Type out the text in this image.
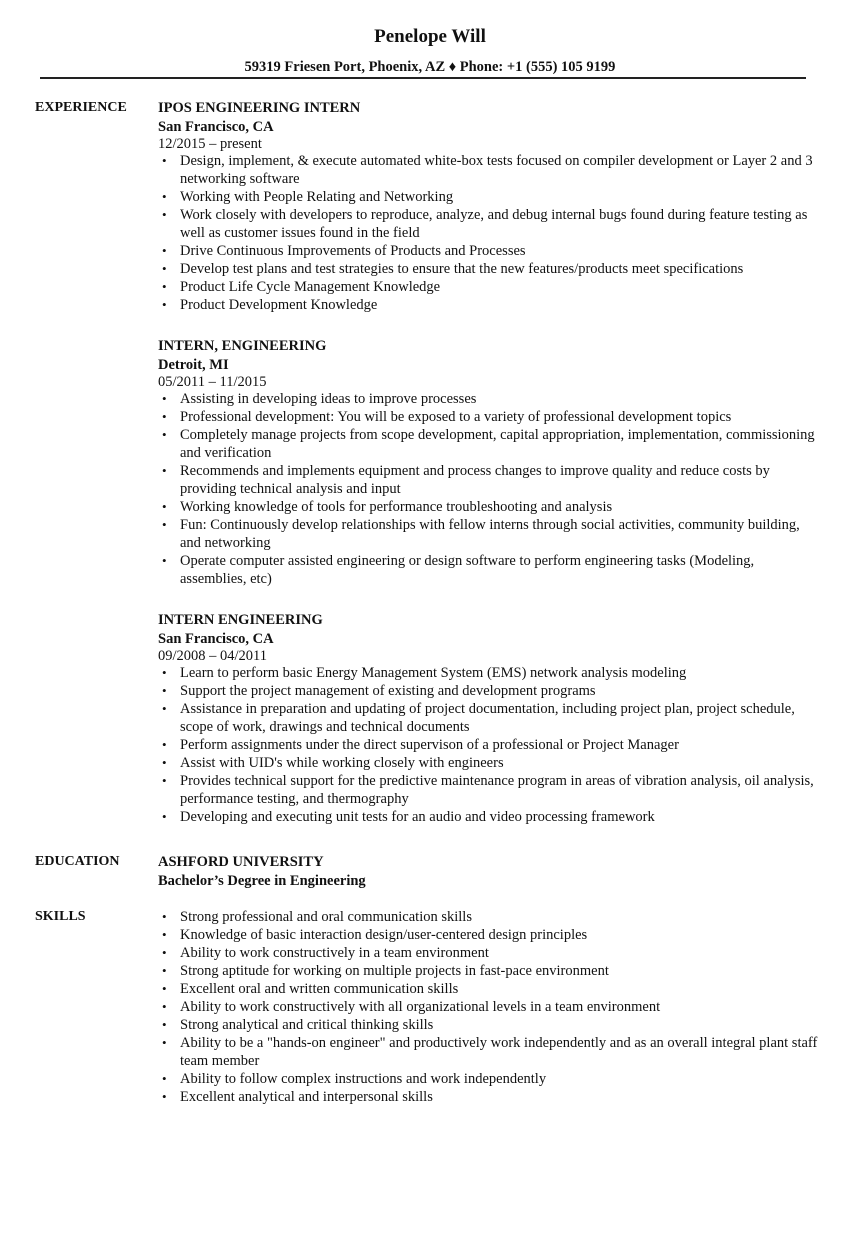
Penelope Will
59319 Friesen Port, Phoenix, AZ ♦ Phone: +1 (555) 105 9199
EXPERIENCE IPOS ENGINEERING INTERN
San Francisco, CA
12/2015 – present
• Design, implement, & execute automated white-box tests focused on compiler development or Layer 2 and 3 networking software
• Working with People Relating and Networking
• Work closely with developers to reproduce, analyze, and debug internal bugs found during feature testing as well as customer issues found in the field
• Drive Continuous Improvements of Products and Processes
• Develop test plans and test strategies to ensure that the new features/products meet specifications
• Product Life Cycle Management Knowledge
• Product Development Knowledge
INTERN, ENGINEERING
Detroit, MI
05/2011 – 11/2015
• Assisting in developing ideas to improve processes
• Professional development: You will be exposed to a variety of professional development topics
• Completely manage projects from scope development, capital appropriation, implementation, commissioning and verification
• Recommends and implements equipment and process changes to improve quality and reduce costs by providing technical analysis and input
• Working knowledge of tools for performance troubleshooting and analysis
• Fun: Continuously develop relationships with fellow interns through social activities, community building, and networking
• Operate computer assisted engineering or design software to perform engineering tasks (Modeling, assemblies, etc)
INTERN ENGINEERING
San Francisco, CA
09/2008 – 04/2011
• Learn to perform basic Energy Management System (EMS) network analysis modeling
• Support the project management of existing and development programs
• Assistance in preparation and updating of project documentation, including project plan, project schedule, scope of work, drawings and technical documents
• Perform assignments under the direct supervison of a professional or Project Manager
• Assist with UID's while working closely with engineers
• Provides technical support for the predictive maintenance program in areas of vibration analysis, oil analysis, performance testing, and thermography
• Developing and executing unit tests for an audio and video processing framework
EDUCATION	ASHFORD UNIVERSITY
Bachelor’s Degree in Engineering
SKILLS
•	Strong professional and oral communication skills
• Knowledge of basic interaction design/user-centered design principles
• Ability to work constructively in a team environment
• Strong aptitude for working on multiple projects in fast-pace environment
• Excellent oral and written communication skills
• Ability to work constructively with all organizational levels in a team environment
• Strong analytical and critical thinking skills
• Ability to be a "hands-on engineer" and productively work independently and as an overall integral plant staff team member
• Ability to follow complex instructions and work independently
• Excellent analytical and interpersonal skills
